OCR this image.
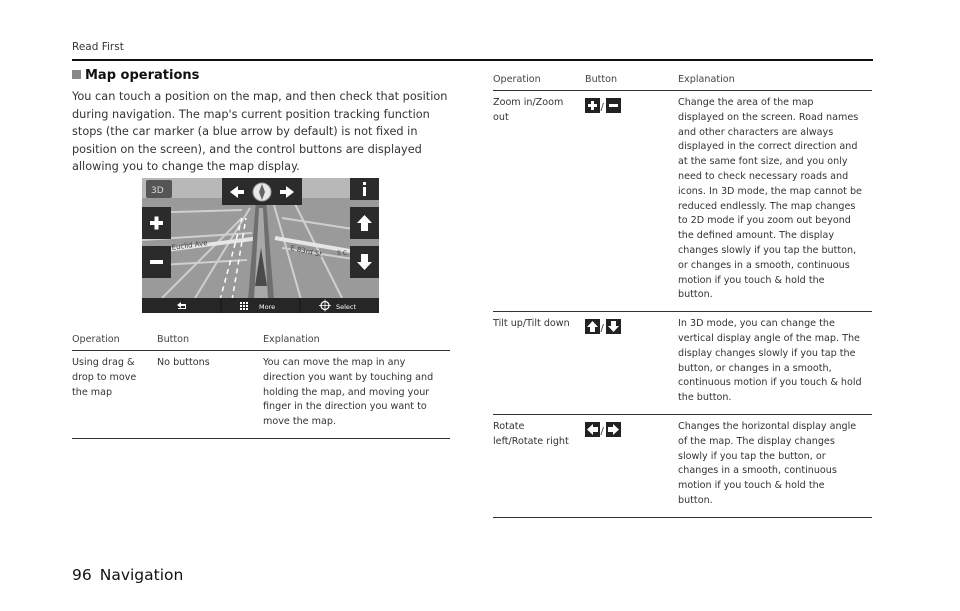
Read First
Map operations
You can touch a position on the map, and then check that position during navigation. The map's current position tracking function stops (the car marker (a blue arrow by default) is not fixed in position on the screen), and the control buttons are displayed allowing you to change the map display.
Euclid Ave	E 83rd St S C
3D
More	Select
Operation	Button	Explanation
Using drag & drop to move the map	No buttons	You can move the map in any direction you want by touching and holding the map, and moving your finger in the direction you want to move the map.
Operation	Button	Explanation
Zoom in/Zoom out	/	Change the area of the map displayed on the screen. Road names and other characters are always displayed in the correct direction and at the same font size, and you only need to check necessary roads and icons. In 3D mode, the map cannot be reduced endlessly. The map changes to 2D mode if you zoom out beyond the defined amount. The display changes slowly if you tap the button, or changes in a smooth, continuous motion if you touch & hold the button.
Tilt up/Tilt down	/	In 3D mode, you can change the vertical display angle of the map. The display changes slowly if you tap the button, or changes in a smooth, continuous motion if you touch & hold the button.
Rotate left/Rotate right	/	Changes the horizontal display angle of the map. The display changes slowly if you tap the button, or changes in a smooth, continuous motion if you touch & hold the button.
96 Navigation
